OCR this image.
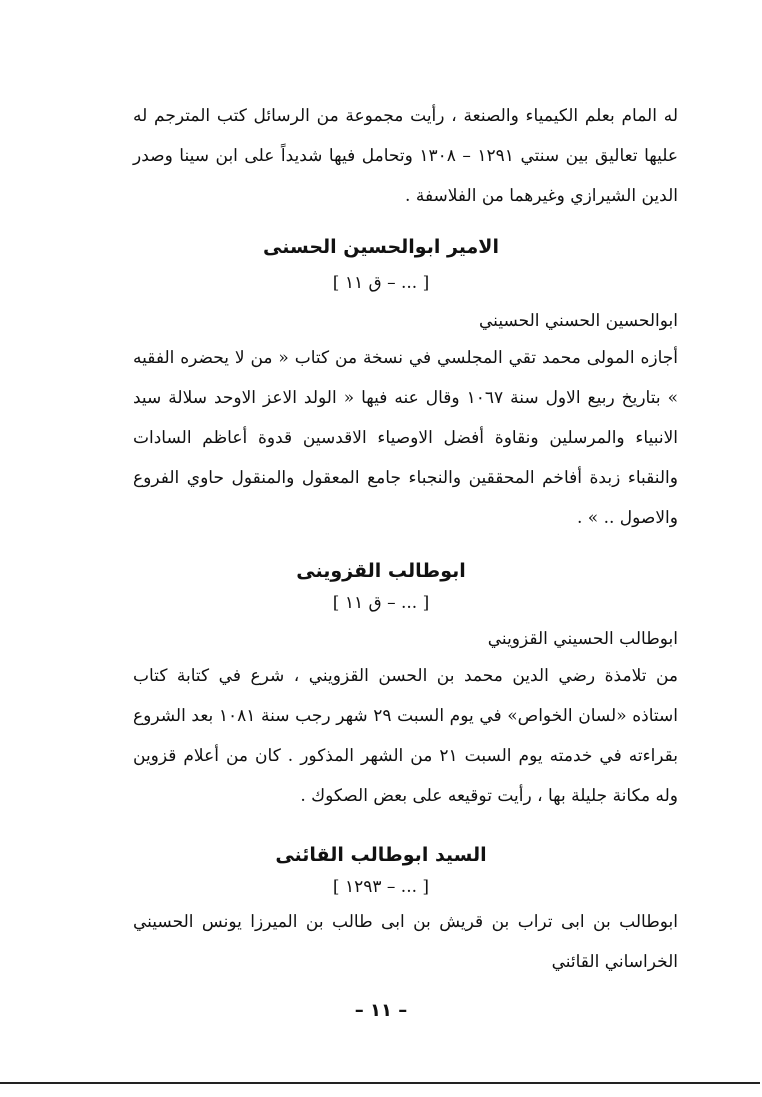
له المام بعلم الكيمياء والصنعة ، رأيت مجموعة من الرسائل كتب المترجم له عليها تعاليق بين سنتي ١٢٩١ – ١٣٠٨ وتحامل فيها شديداً على ابن سينا وصدر الدين الشيرازي وغيرهما من الفلاسفة .

الامير ابوالحسين الحسنى
[ ... – ق ١١ ]
ابوالحسين الحسني الحسيني

أجازه المولى محمد تقي المجلسي في نسخة من كتاب « من لا يحضره الفقيه » بتاريخ ربيع الاول سنة ١٠٦٧ وقال عنه فيها « الولد الاعز الاوحد سلالة سيد الانبياء والمرسلين ونقاوة أفضل الاوصياء الاقدسين قدوة أعاظم السادات والنقباء زبدة أفاخم المحققين والنجباء جامع المعقول والمنقول حاوي الفروع والاصول .. » .

ابوطالب القزوينى
[ ... – ق ١١ ]
ابوطالب الحسيني القزويني

من تلامذة رضي الدين محمد بن الحسن القزويني ، شرع في كتابة كتاب استاذه «لسان الخواص» في يوم السبت ٢٩ شهر رجب سنة ١٠٨١ بعد الشروع بقراءته في خدمته يوم السبت ٢١ من الشهر المذكور . كان من أعلام قزوين وله مكانة جليلة بها ، رأيت توقيعه على بعض الصكوك .

السيد ابوطالب القائنى
[ ... – ١٢٩٣ ]

ابوطالب بن ابى تراب بن قريش بن ابى طالب بن الميرزا يونس الحسيني الخراساني القائني

– ١١ –
